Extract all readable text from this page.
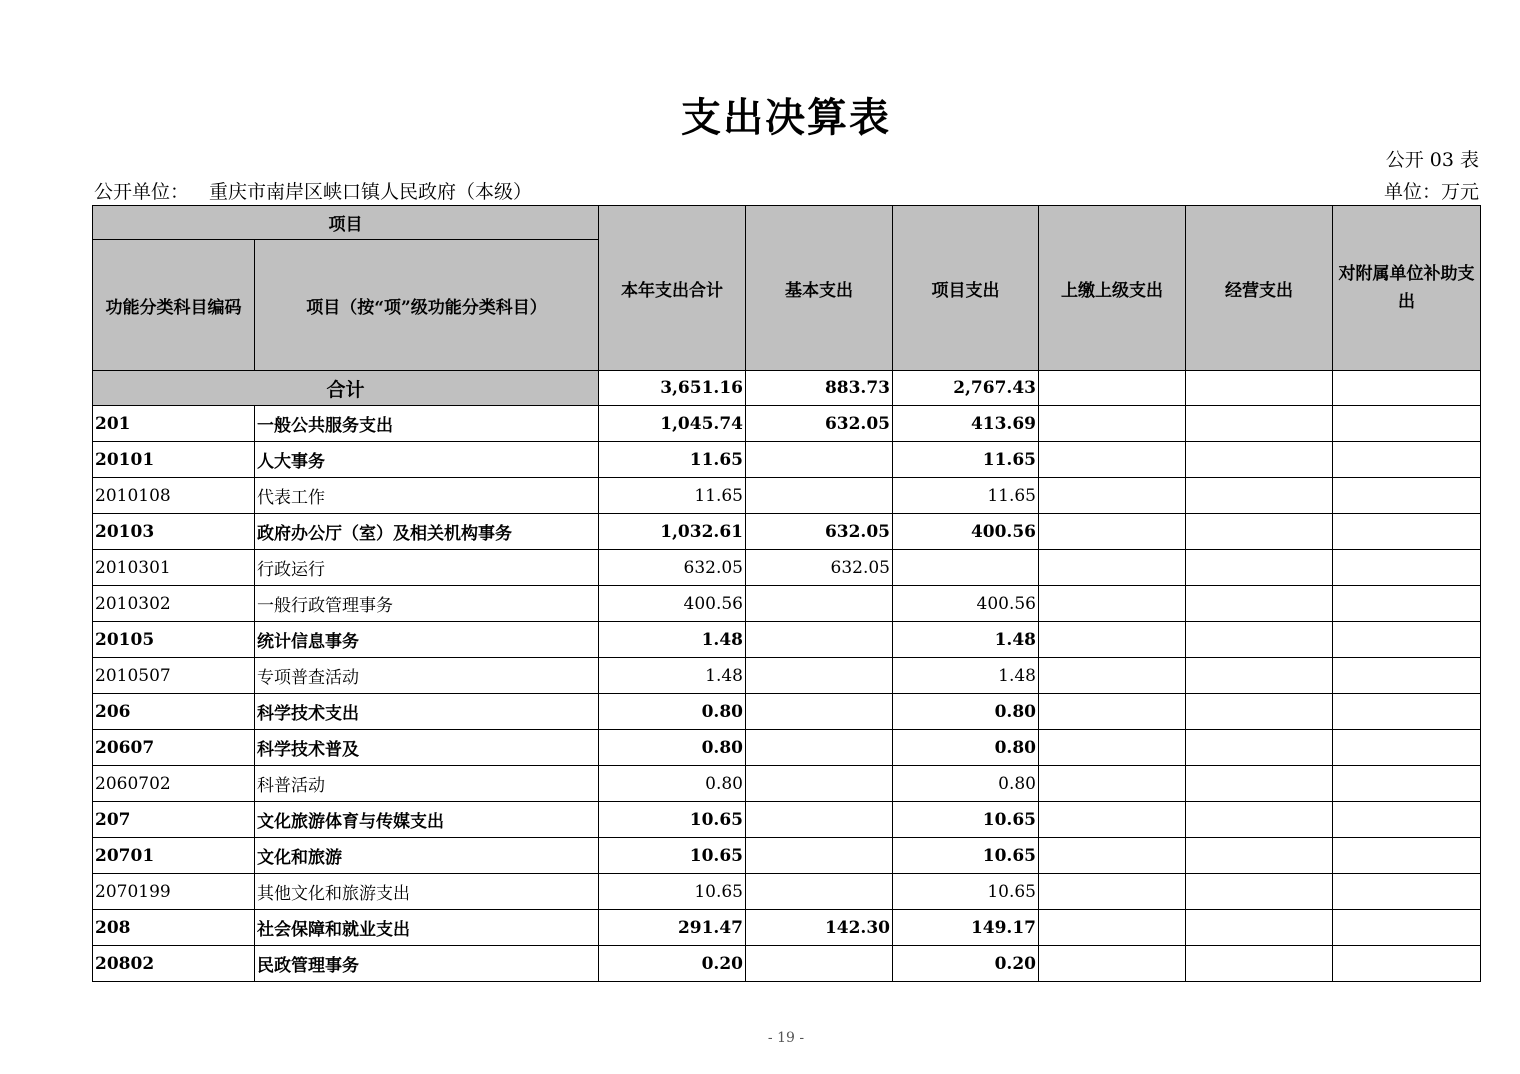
支出决算表
公开 03 表
公开单位： 重庆市南岸区峡口镇人民政府（本级）	单位：万元
项目		本年支出合计	基本支出	项目支出	上缴上级支出	经营支出	对附属单位补助支出
功能分类科目编码	项目（按“项”级功能分类科目）						
合计		3,651.16	883.73	2,767.43			
201	一般公共服务支出	1,045.74	632.05	413.69			
20101	人大事务	11.65		11.65			
2010108	代表工作	11.65		11.65			
20103	政府办公厅（室）及相关机构事务	1,032.61	632.05	400.56			
2010301	行政运行	632.05	632.05				
2010302	一般行政管理事务	400.56		400.56			
20105	统计信息事务	1.48		1.48			
2010507	专项普查活动	1.48		1.48			
206	科学技术支出	0.80		0.80			
20607	科学技术普及	0.80		0.80			
2060702	科普活动	0.80		0.80			
207	文化旅游体育与传媒支出	10.65		10.65			
20701	文化和旅游	10.65		10.65			
2070199	其他文化和旅游支出	10.65		10.65			
208	社会保障和就业支出	291.47	142.30	149.17			
20802	民政管理事务	0.20		0.20			
- 19 -
